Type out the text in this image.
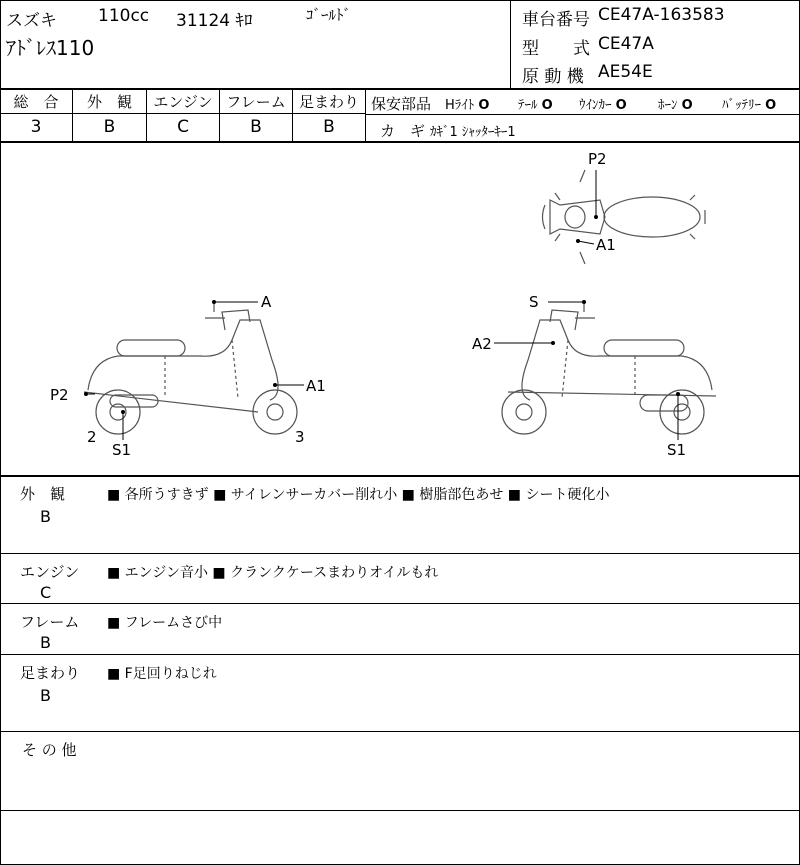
スズキ 110cc 31124 ｷﾛ	ｺﾞｰﾙﾄﾞ
ｱﾄﾞﾚｽ110
車台番号 CE47A-163583
型　　式 CE47A
原 動 機 AE54E
総　合
3
外　観
B
エンジン
C
フレーム
B
足まわり
B
保安部品 Hﾗｲﾄ O ﾃｰﾙ O ｳｲﾝｶｰ O ﾎｰﾝ O ﾊﾞｯﾃﾘｰ O
カ　ギ ｶｷﾞ1 ｼｬｯﾀｰｷｰ1
P2
A1
A
A1
P2
2
S1
3
S
A2
S1
外　観
B
■ 各所うすきず ■ サイレンサーカバー削れ小 ■ 樹脂部色あせ ■ シート硬化小
エンジン
C
■ エンジン音小 ■ クランクケースまわりオイルもれ
フレーム
B
■ フレームさび中
足まわり
B
■ F足回りねじれ
そ の 他
